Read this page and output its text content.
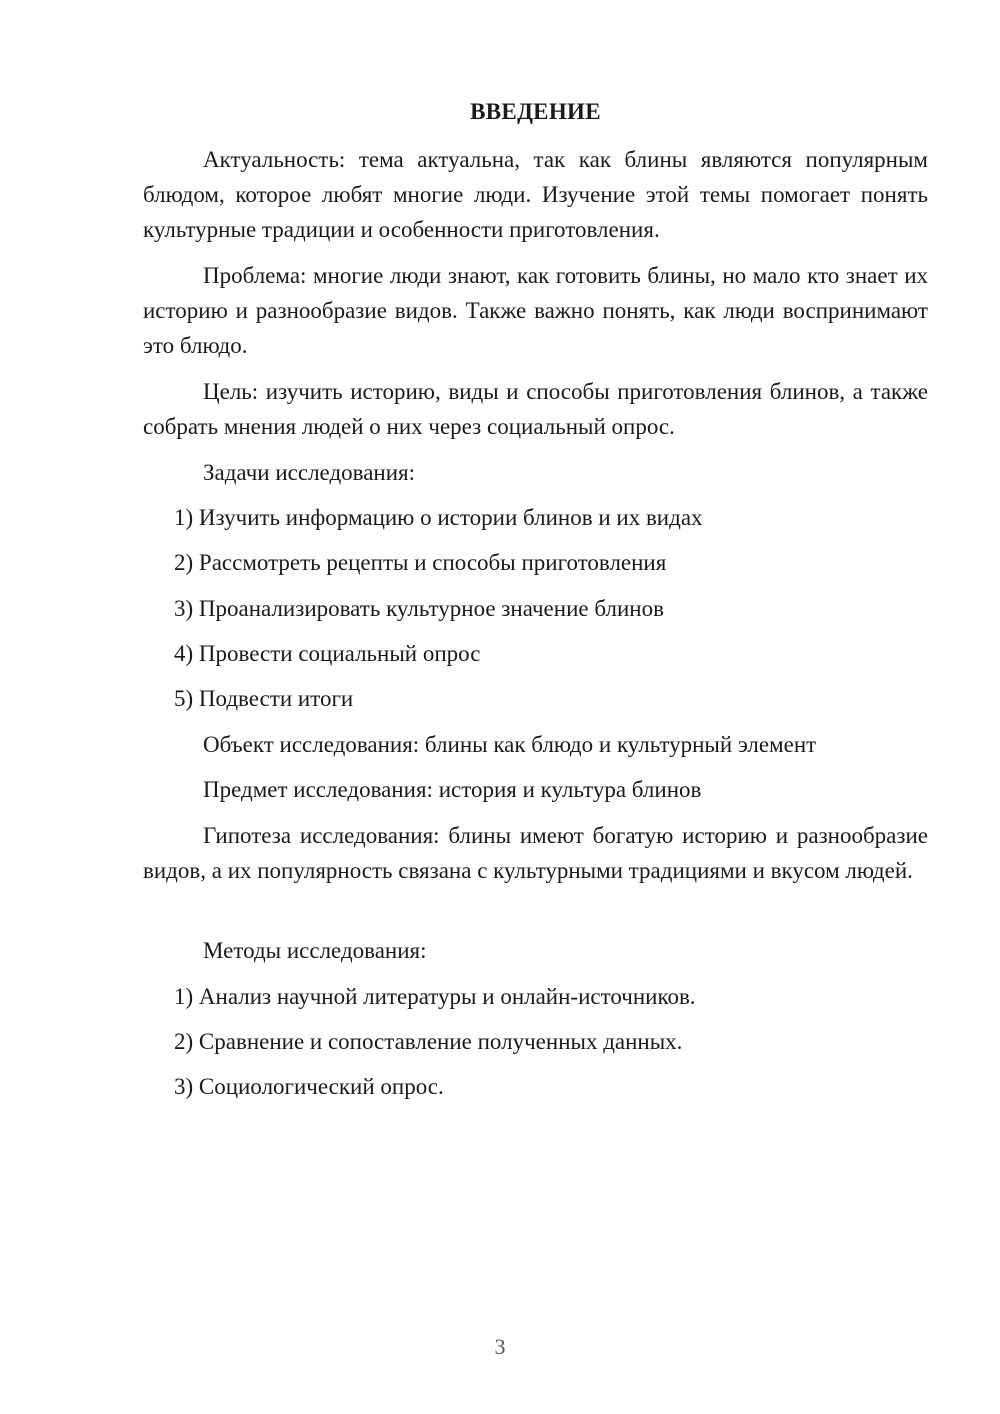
ВВЕДЕНИЕ

Актуальность: тема актуальна, так как блины являются популярным блюдом, которое любят многие люди. Изучение этой темы помогает понять культурные традиции и особенности приготовления.

Проблема: многие люди знают, как готовить блины, но мало кто знает их историю и разнообразие видов. Также важно понять, как люди воспринимают это блюдо.

Цель: изучить историю, виды и способы приготовления блинов, а также собрать мнения людей о них через социальный опрос.

Задачи исследования:

1) Изучить информацию о истории блинов и их видах

2) Рассмотреть рецепты и способы приготовления

3) Проанализировать культурное значение блинов

4) Провести социальный опрос

5) Подвести итоги

Объект исследования: блины как блюдо и культурный элемент

Предмет исследования: история и культура блинов

Гипотеза исследования: блины имеют богатую историю и разнообразие видов, а их популярность связана с культурными традициями и вкусом людей.

Методы исследования:

1) Анализ научной литературы и онлайн-источников.

2) Сравнение и сопоставление полученных данных.

3) Социологический опрос.

3
